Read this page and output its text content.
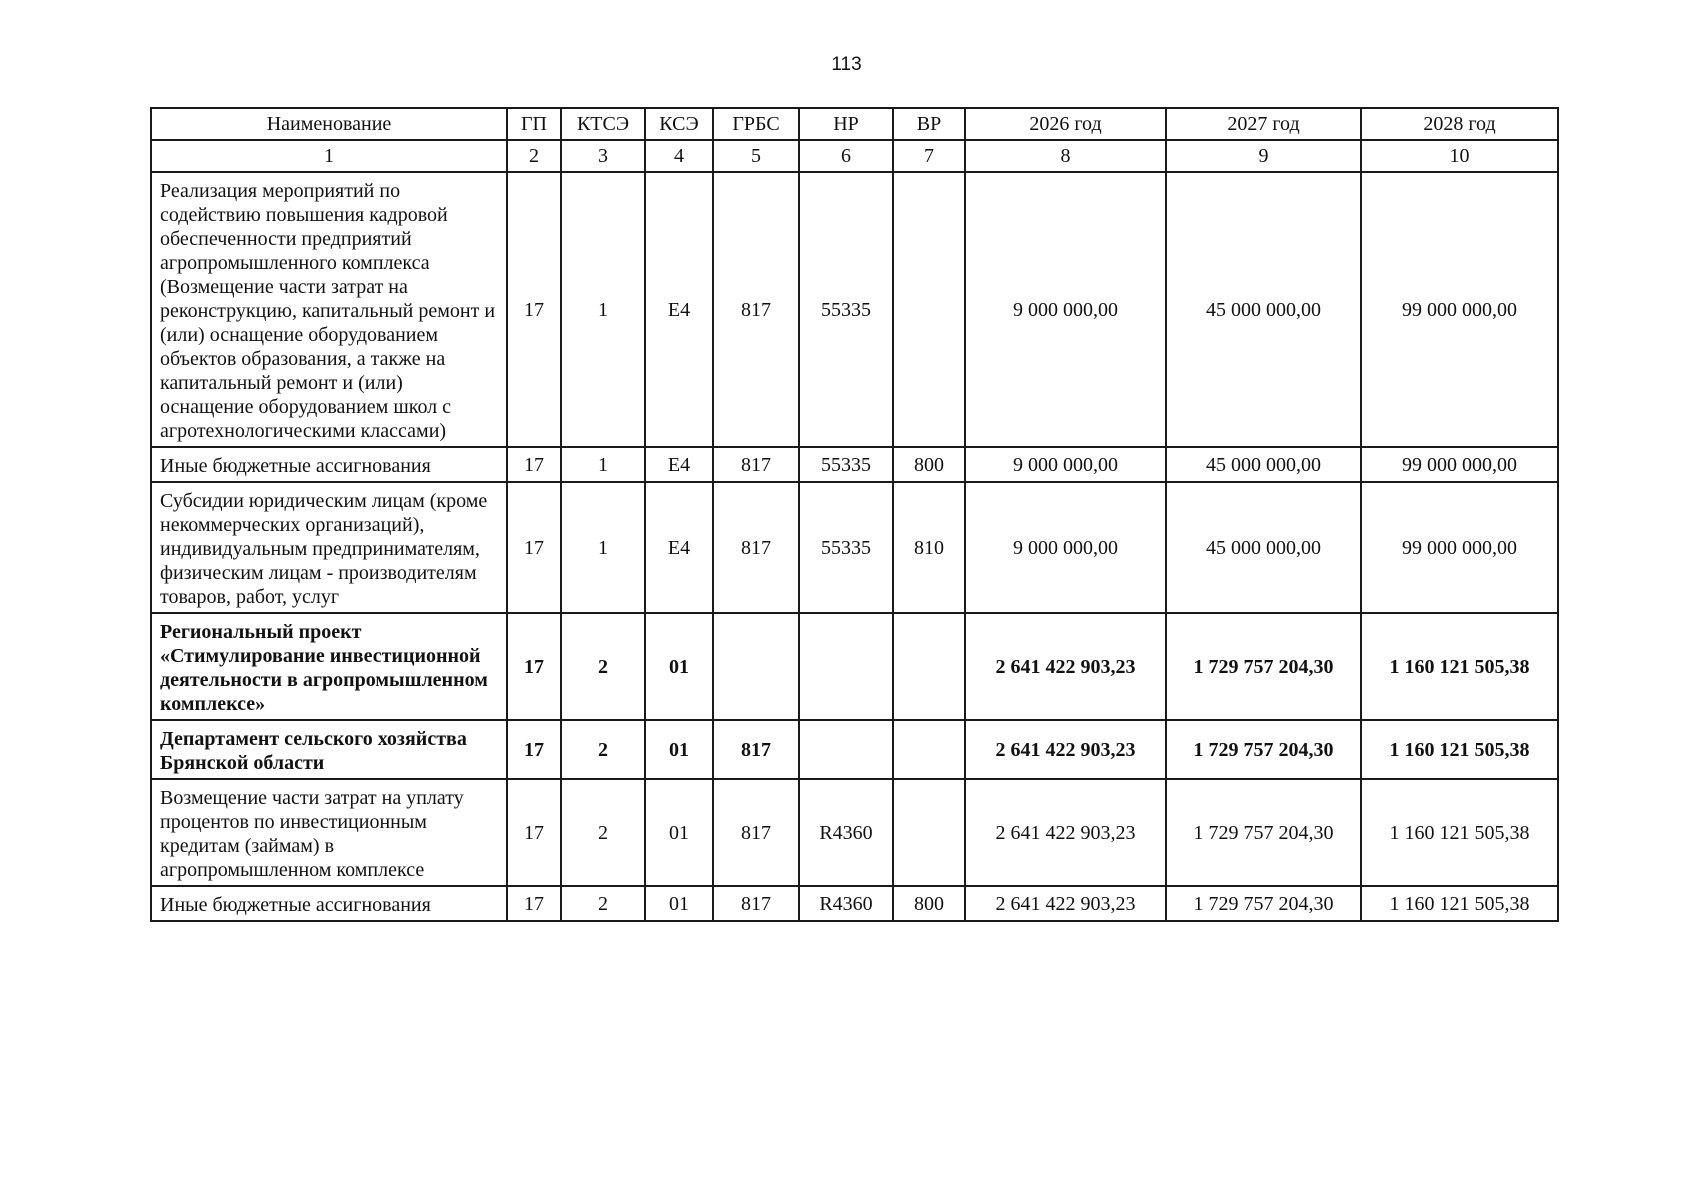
113
Наименование	ГП	КТСЭ	КСЭ	ГРБС	НР	ВР	2026 год	2027 год	2028 год
1	2	3	4	5	6	7	8	9	10
Реализация мероприятий по содействию повышения кадровой обеспеченности предприятий агропромышленного комплекса (Возмещение части затрат на реконструкцию, капитальный ремонт и (или) оснащение оборудованием объектов образования, а также на капитальный ремонт и (или) оснащение оборудованием школ с агротехнологическими классами)	17	1	Е4	817	55335		9 000 000,00	45 000 000,00	99 000 000,00
Иные бюджетные ассигнования	17	1	Е4	817	55335	800	9 000 000,00	45 000 000,00	99 000 000,00
Субсидии юридическим лицам (кроме некоммерческих организаций), индивидуальным предпринимателям, физическим лицам - производителям товаров, работ, услуг	17	1	Е4	817	55335	810	9 000 000,00	45 000 000,00	99 000 000,00
Региональный проект «Стимулирование инвестиционной деятельности в агропромышленном комплексе»	17	2	01				2 641 422 903,23	1 729 757 204,30	1 160 121 505,38
Департамент сельского хозяйства Брянской области	17	2	01	817			2 641 422 903,23	1 729 757 204,30	1 160 121 505,38
Возмещение части затрат на уплату процентов по инвестиционным кредитам (займам) в агропромышленном комплексе	17	2	01	817	R4360		2 641 422 903,23	1 729 757 204,30	1 160 121 505,38
Иные бюджетные ассигнования	17	2	01	817	R4360	800	2 641 422 903,23	1 729 757 204,30	1 160 121 505,38
